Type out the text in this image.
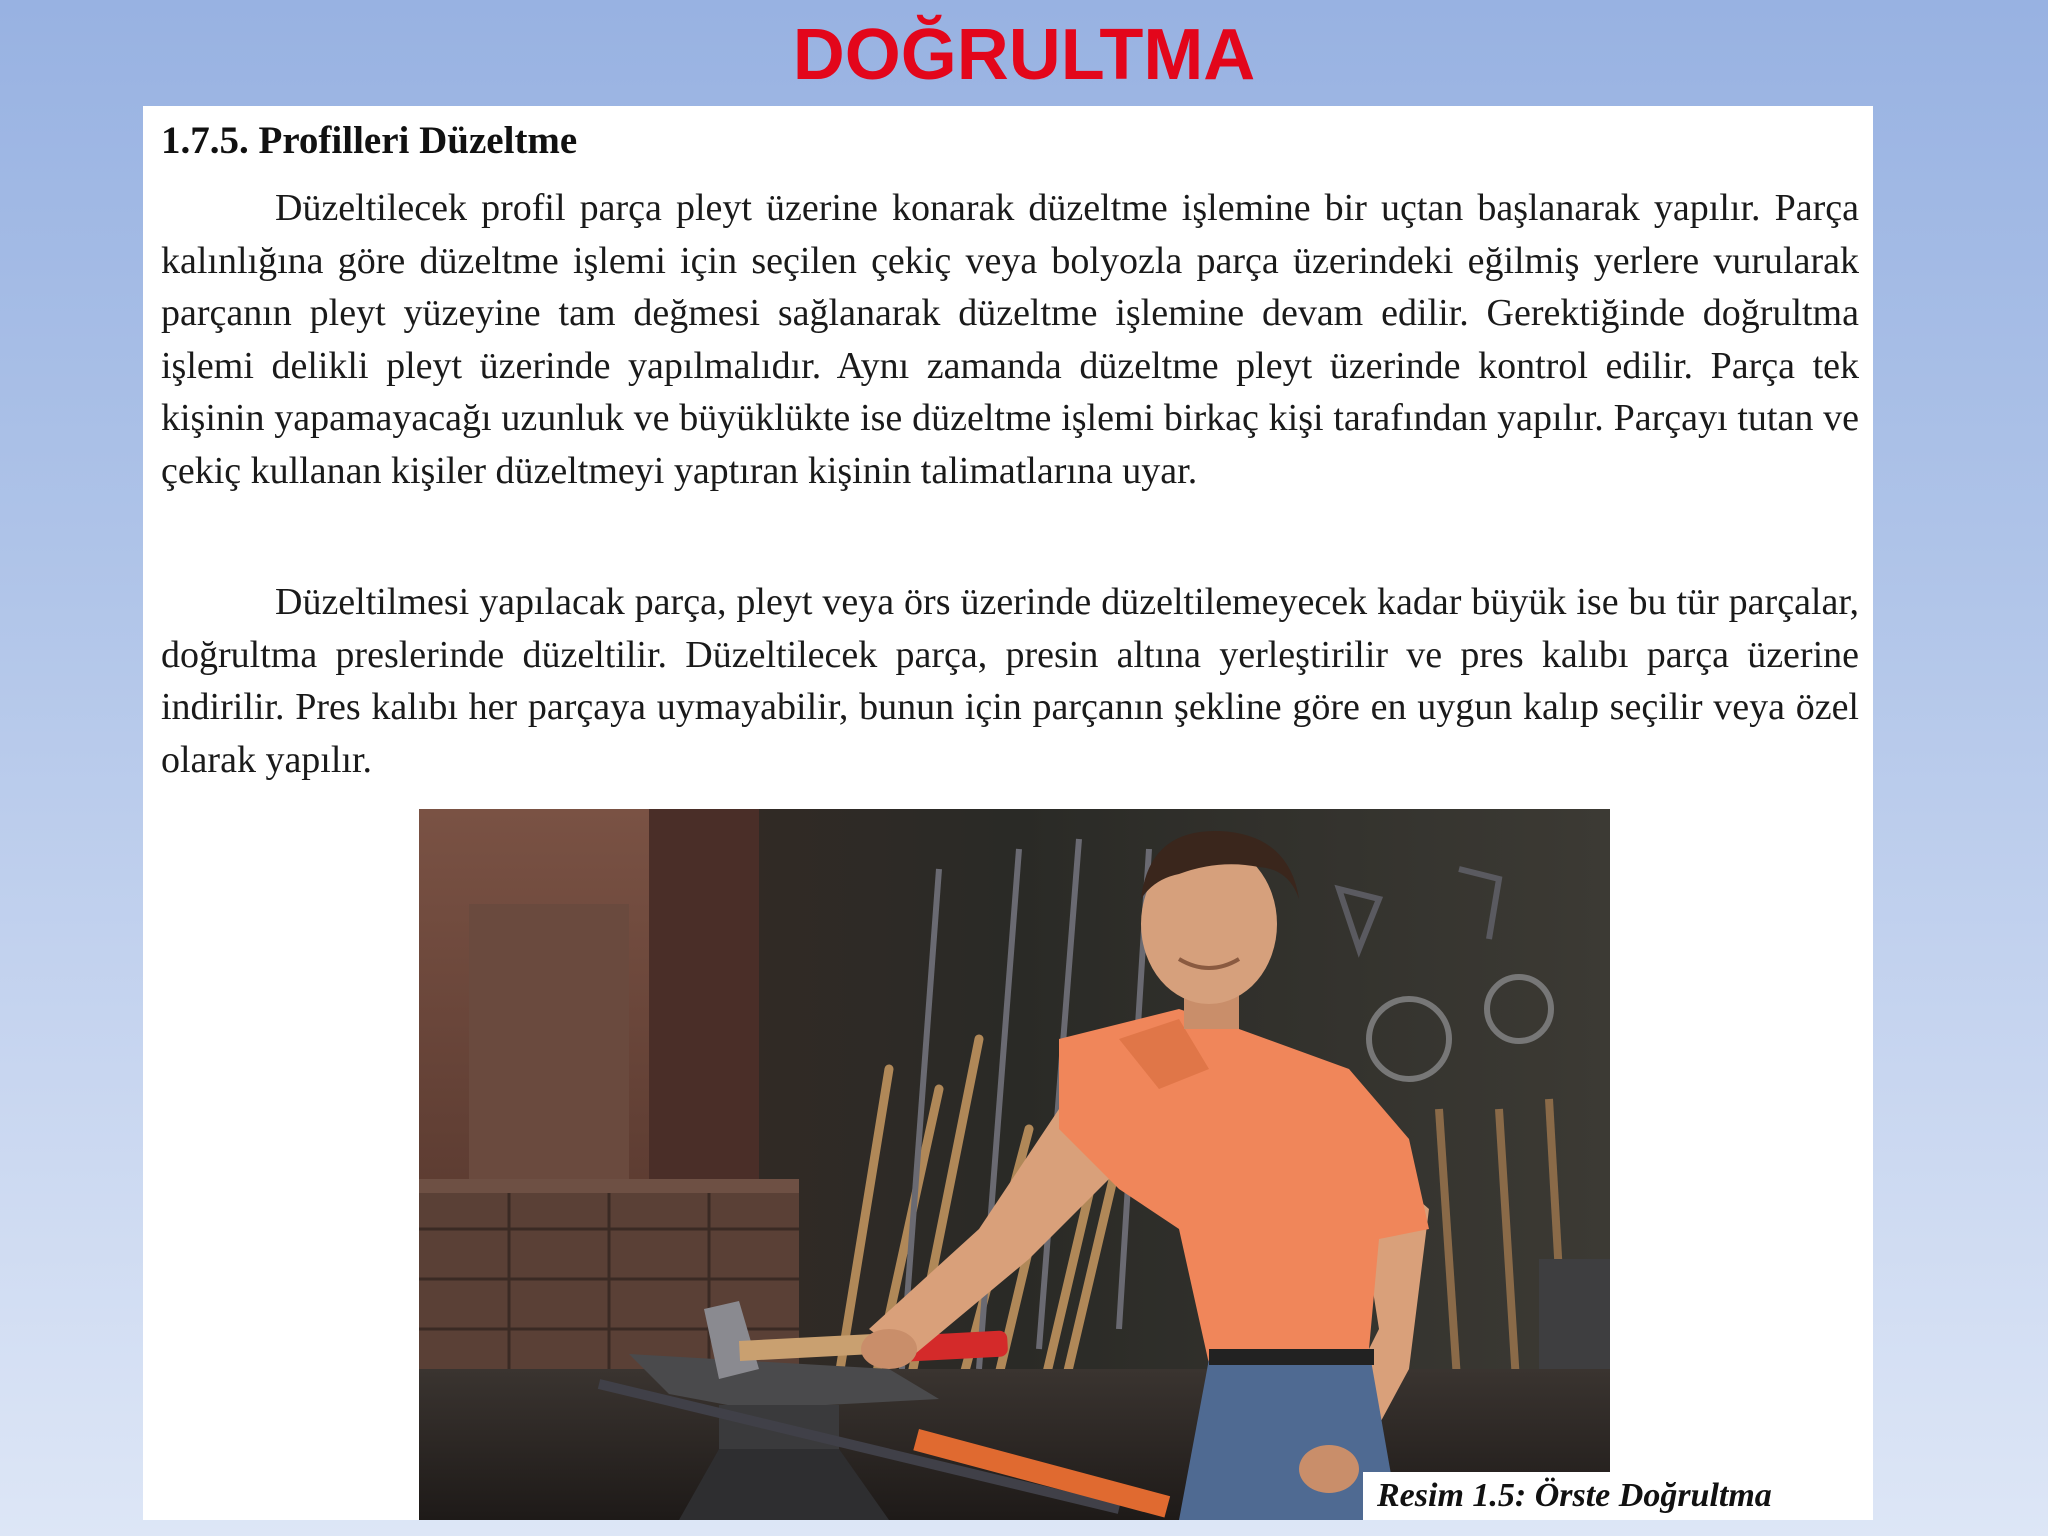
DOĞRULTMA
1.7.5. Profilleri Düzeltme

Düzeltilecek profil parça pleyt üzerine konarak düzeltme işlemine bir uçtan başlanarak yapılır. Parça kalınlığına göre düzeltme işlemi için seçilen çekiç veya bolyozla parça üzerindeki eğilmiş yerlere vurularak parçanın pleyt yüzeyine tam değmesi sağlanarak düzeltme işlemine devam edilir. Gerektiğinde doğrultma işlemi delikli pleyt üzerinde yapılmalıdır. Aynı zamanda düzeltme pleyt üzerinde kontrol edilir. Parça tek kişinin yapamayacağı uzunluk ve büyüklükte ise düzeltme işlemi birkaç kişi tarafından yapılır. Parçayı tutan ve çekiç kullanan kişiler düzeltmeyi yaptıran kişinin talimatlarına uyar.

Düzeltilmesi yapılacak parça, pleyt veya örs üzerinde düzeltilemeyecek kadar büyük ise bu tür parçalar, doğrultma preslerinde düzeltilir. Düzeltilecek parça, presin altına yerleştirilir ve pres kalıbı parça üzerine indirilir. Pres kalıbı her parçaya uymayabilir, bunun için parçanın şekline göre en uygun kalıp seçilir veya özel olarak yapılır.

Resim 1.5: Örste Doğrultma
